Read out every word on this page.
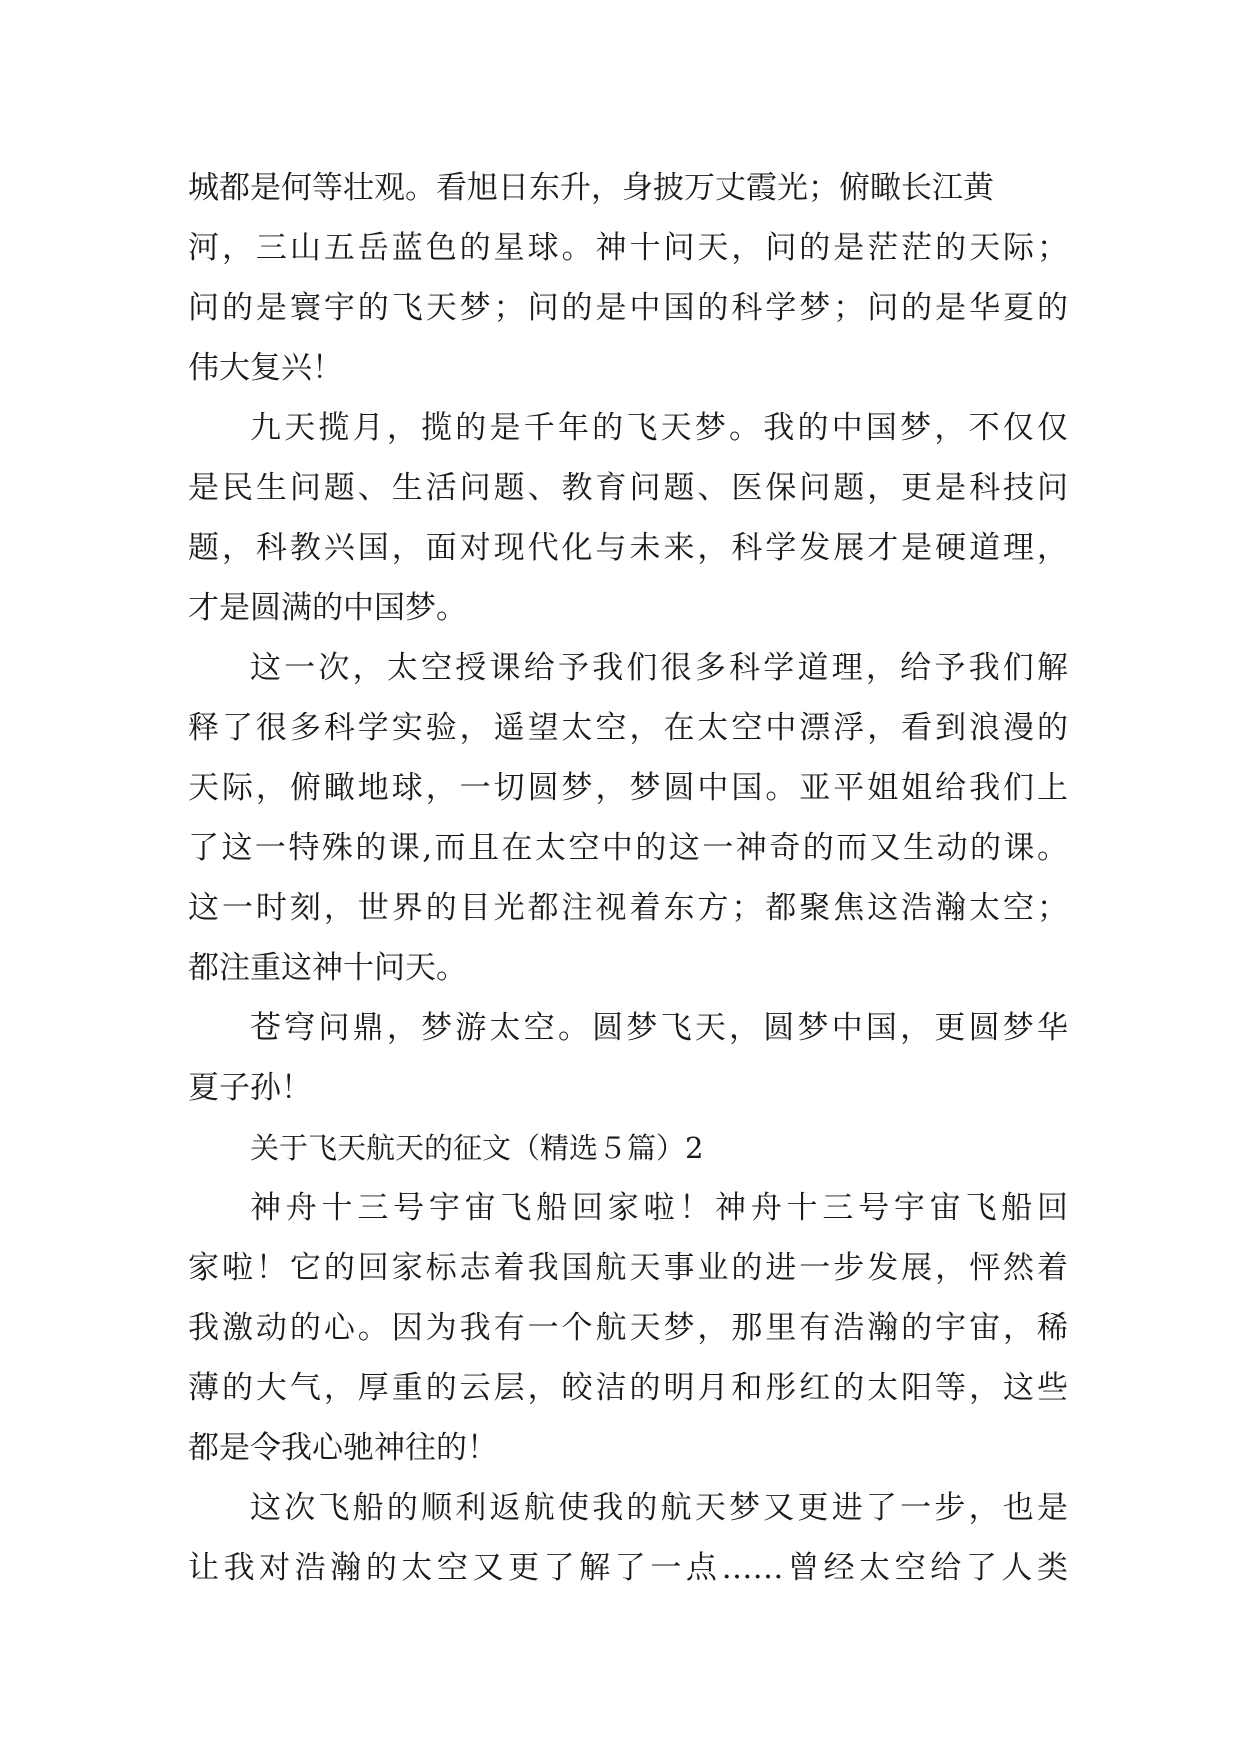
城都是何等壮观。看旭日东升，身披万丈霞光；俯瞰长江黄
河，三山五岳蓝色的星球。神十问天，问的是茫茫的天际；
问的是寰宇的飞天梦；问的是中国的科学梦；问的是华夏的
伟大复兴！
九天揽月，揽的是千年的飞天梦。我的中国梦，不仅仅
是民生问题、生活问题、教育问题、医保问题，更是科技问
题，科教兴国，面对现代化与未来，科学发展才是硬道理，
才是圆满的中国梦。
这一次，太空授课给予我们很多科学道理，给予我们解
释了很多科学实验，遥望太空，在太空中漂浮，看到浪漫的
天际，俯瞰地球，一切圆梦，梦圆中国。亚平姐姐给我们上
了这一特殊的课,而且在太空中的这一神奇的而又生动的课。
这一时刻，世界的目光都注视着东方；都聚焦这浩瀚太空；
都注重这神十问天。
苍穹问鼎，梦游太空。圆梦飞天，圆梦中国，更圆梦华
夏子孙！
关于飞天航天的征文（精选５篇）2
神舟十三号宇宙飞船回家啦！神舟十三号宇宙飞船回
家啦！它的回家标志着我国航天事业的进一步发展，怦然着
我激动的心。因为我有一个航天梦，那里有浩瀚的宇宙，稀
薄的大气，厚重的云层，皎洁的明月和彤红的太阳等，这些
都是令我心驰神往的！
这次飞船的顺利返航使我的航天梦又更进了一步，也是
让我对浩瀚的太空又更了解了一点……曾经太空给了人类
